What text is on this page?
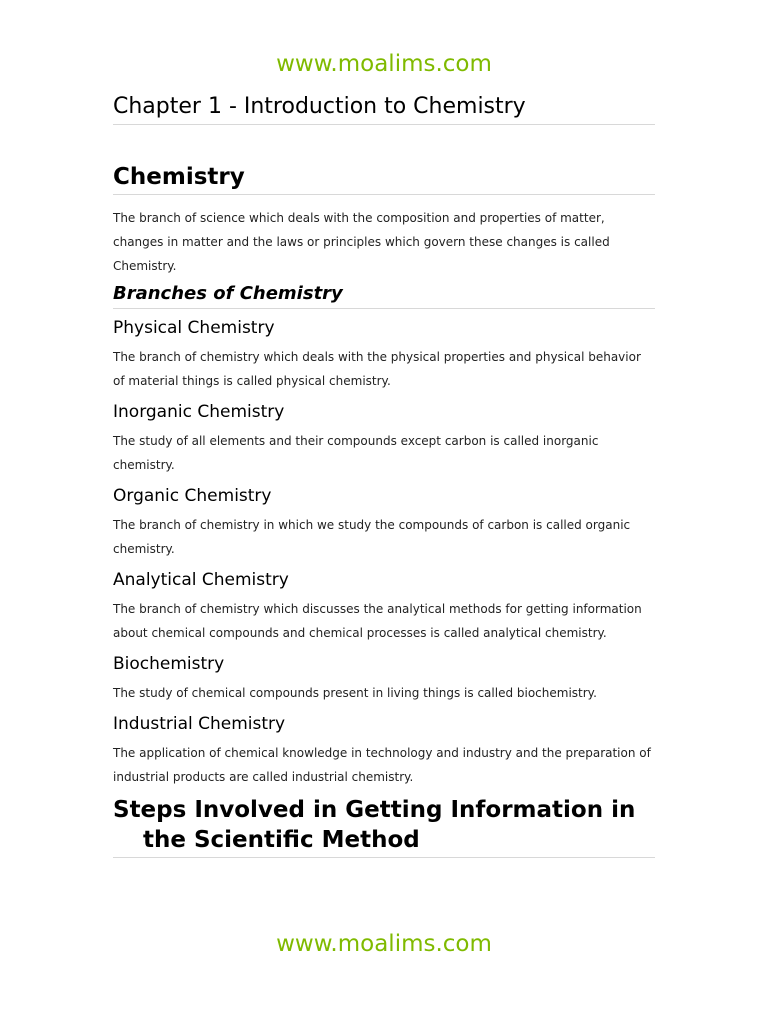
www.moalims.com
Chapter 1 - Introduction to Chemistry
Chemistry

The branch of science which deals with the composition and properties of matter, changes in matter and the laws or principles which govern these changes is called Chemistry.

Branches of Chemistry
Physical Chemistry

The branch of chemistry which deals with the physical properties and physical behavior of material things is called physical chemistry.

Inorganic Chemistry

The study of all elements and their compounds except carbon is called inorganic chemistry.

Organic Chemistry

The branch of chemistry in which we study the compounds of carbon is called organic chemistry.

Analytical Chemistry

The branch of chemistry which discusses the analytical methods for getting information about chemical compounds and chemical processes is called analytical chemistry.

Biochemistry

The study of chemical compounds present in living things is called biochemistry.

Industrial Chemistry

The application of chemical knowledge in technology and industry and the preparation of industrial products are called industrial chemistry.

Steps Involved in Getting Information in the Scientific Method
www.moalims.com
